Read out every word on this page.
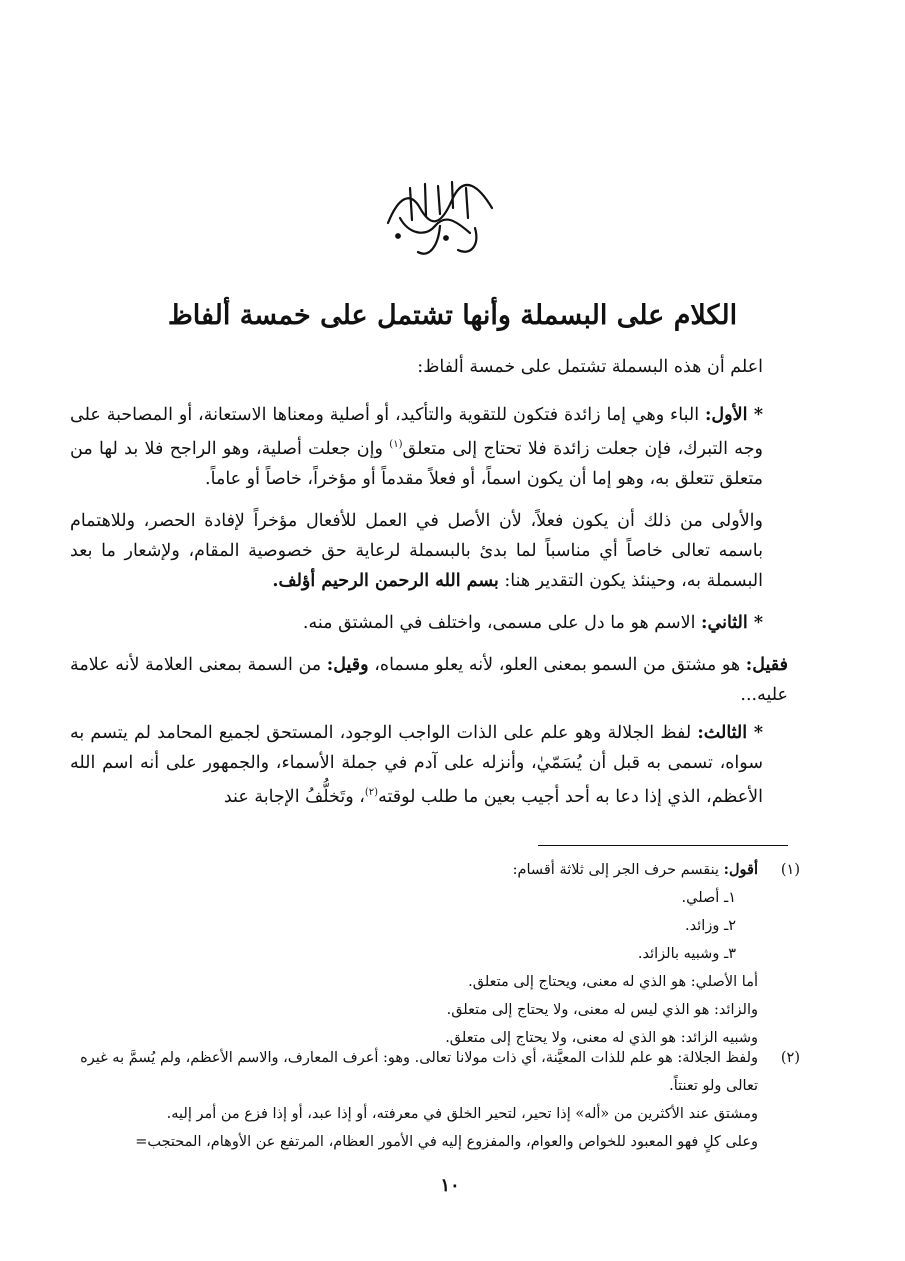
الكلام على البسملة وأنها تشتمل على خمسة ألفاظ

اعلم أن هذه البسملة تشتمل على خمسة ألفاظ:

* الأول: الباء وهي إما زائدة فتكون للتقوية والتأكيد، أو أصلية ومعناها الاستعانة، أو المصاحبة على وجه التبرك، فإن جعلت زائدة فلا تحتاج إلى متعلق$^{(١)}$ وإن جعلت أصلية، وهو الراجح فلا بد لها من متعلق تتعلق به، وهو إما أن يكون اسماً، أو فعلاً مقدماً أو مؤخراً، خاصاً أو عاماً.

والأولى من ذلك أن يكون فعلاً، لأن الأصل في العمل للأفعال مؤخراً لإفادة الحصر، وللاهتمام باسمه تعالى خاصاً أي مناسباً لما بدئ بالبسملة لرعاية حق خصوصية المقام، ولإشعار ما بعد البسملة به، وحينئذ يكون التقدير هنا: بسم الله الرحمن الرحيم أؤلف.

* الثاني: الاسم هو ما دل على مسمى، واختلف في المشتق منه.

فقيل: هو مشتق من السمو بمعنى العلو، لأنه يعلو مسماه، وقيل: من السمة بمعنى العلامة لأنه علامة عليه...

* الثالث: لفظ الجلالة وهو علم على الذات الواجب الوجود، المستحق لجميع المحامد لم يتسم به سواه، تسمى به قبل أن يُسَمّيٰ، وأنزله على آدم في جملة الأسماء، والجمهور على أنه اسم الله الأعظم، الذي إذا دعا به أحد أجيب بعين ما طلب لوقته$^{(٢)}$، وتَخلُّفُ الإجابة عند

(١)
أقول: ينقسم حرف الجر إلى ثلاثة أقسام:
١ـ أصلي.
٢ـ وزائد.
٣ـ وشبيه بالزائد.
أما الأصلي: هو الذي له معنى، ويحتاج إلى متعلق.
والزائد: هو الذي ليس له معنى، ولا يحتاج إلى متعلق.
وشبيه الزائد: هو الذي له معنى، ولا يحتاج إلى متعلق.
(٢)
ولفظ الجلالة: هو علم للذات المعيَّنة، أي ذات مولانا تعالى. وهو: أعرف المعارف، والاسم الأعظم، ولم يُسمَّ به غيره تعالى ولو تعنتاً.
ومشتق عند الأكثرين من «أله» إذا تحير، لتحير الخلق في معرفته، أو إذا عبد، أو إذا فزع من أمر إليه.
وعلى كلٍ فهو المعبود للخواص والعوام، والمفزوع إليه في الأمور العظام، المرتفع عن الأوهام، المحتجب=
١٠
